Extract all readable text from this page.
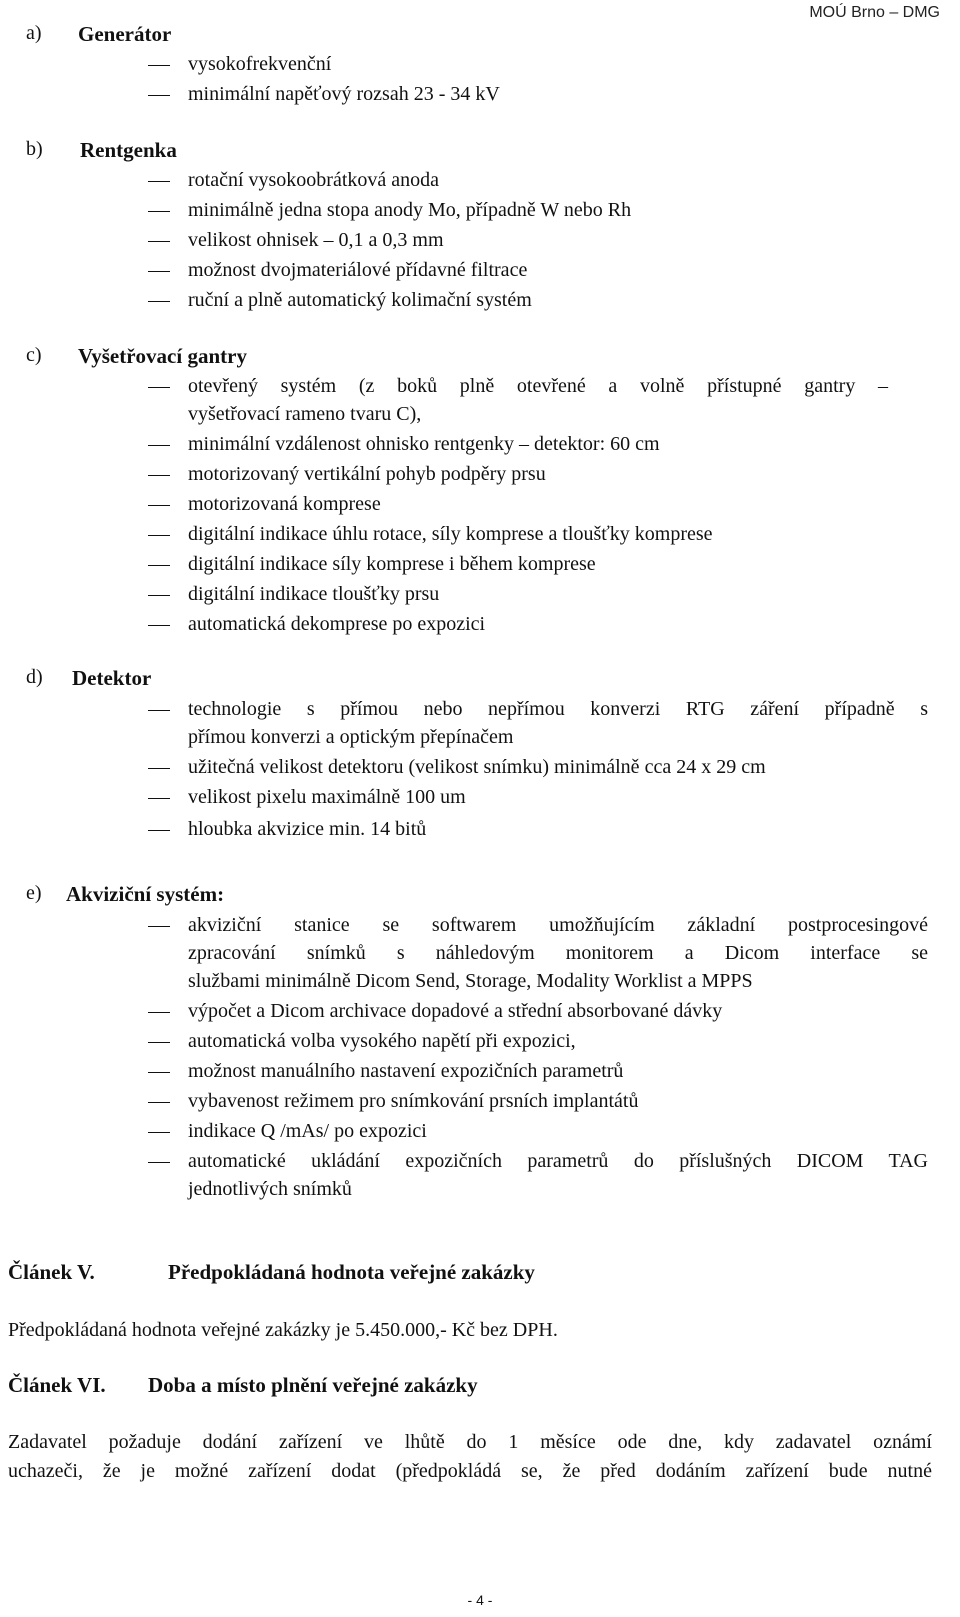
MOÚ Brno – DMG
a) Generátor
vysokofrekvenční
minimální napěťový rozsah 23 - 34 kV
b) Rentgenka
rotační vysokoobrátková anoda
minimálně jedna stopa anody Mo, případně W nebo Rh
velikost ohnisek – 0,1 a 0,3 mm
možnost dvojmateriálové přídavné filtrace
ruční a plně automatický kolimační systém
c) Vyšetřovací gantry
otevřený systém (z boků plně otevřené a volně přístupné gantry –
vyšetřovací rameno tvaru C),
minimální vzdálenost ohnisko rentgenky – detektor: 60 cm
motorizovaný vertikální pohyb podpěry prsu
motorizovaná komprese
digitální indikace úhlu rotace, síly komprese a tloušťky komprese
digitální indikace síly komprese i během komprese
digitální indikace tloušťky prsu
automatická dekomprese po expozici
d) Detektor
technologie s přímou nebo nepřímou konverzi RTG záření případně s
přímou konverzi a optickým přepínačem
užitečná velikost detektoru (velikost snímku) minimálně cca 24 x 29 cm
velikost pixelu maximálně 100 um
hloubka akvizice min. 14 bitů
e) Akviziční systém:
akviziční stanice se softwarem umožňujícím základní postprocesingové
zpracování snímků s náhledovým monitorem a Dicom interface se
službami minimálně Dicom Send, Storage, Modality Worklist a MPPS
výpočet a Dicom archivace dopadové a střední absorbované dávky
automatická volba vysokého napětí při expozici,
možnost manuálního nastavení expozičních parametrů
vybavenost režimem pro snímkování prsních implantátů
indikace Q /mAs/ po expozici
automatické ukládání expozičních parametrů do příslušných DICOM TAG
jednotlivých snímků
Článek V.	Předpokládaná hodnota veřejné zakázky
Předpokládaná hodnota veřejné zakázky je 5.450.000,- Kč bez DPH.
Článek VI. Doba a místo plnění veřejné zakázky
Zadavatel požaduje dodání zařízení ve lhůtě do 1 měsíce ode dne, kdy zadavatel oznámí
uchazeči, že je možné zařízení dodat (předpokládá se, že před dodáním zařízení bude nutné
- 4 -
